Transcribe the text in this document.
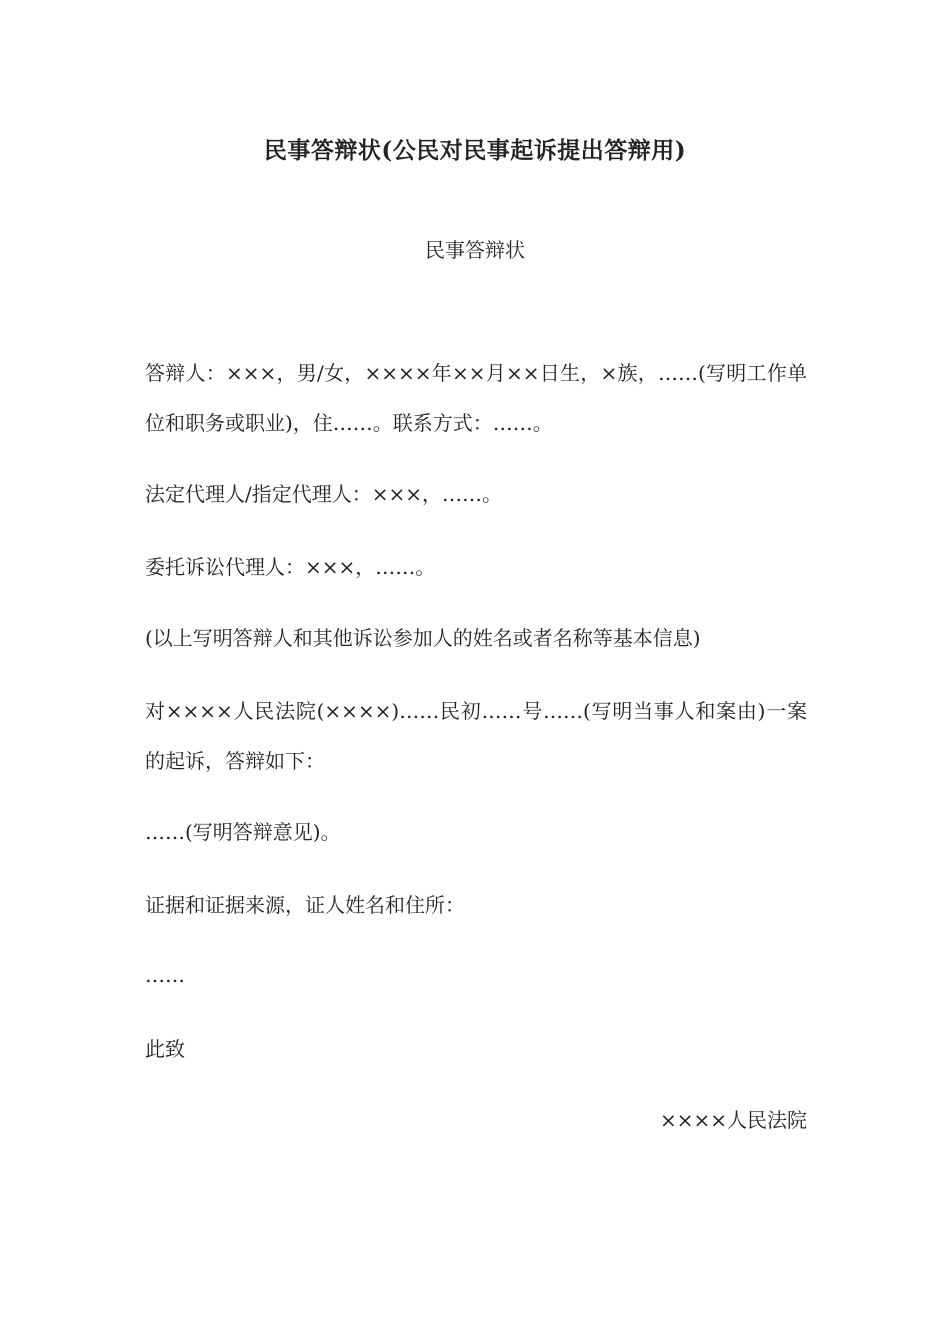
民事答辩状(公民对民事起诉提出答辩用)

民事答辩状

答辩人：×××，男/女，××××年××月××日生，×族，……(写明工作单位和职务或职业)，住……。联系方式：……。

法定代理人/指定代理人：×××，……。

委托诉讼代理人：×××，……。

(以上写明答辩人和其他诉讼参加人的姓名或者名称等基本信息)

对××××人民法院(××××)……民初……号……(写明当事人和案由)一案的起诉，答辩如下：

……(写明答辩意见)。

证据和证据来源，证人姓名和住所：

……

此致

××××人民法院
